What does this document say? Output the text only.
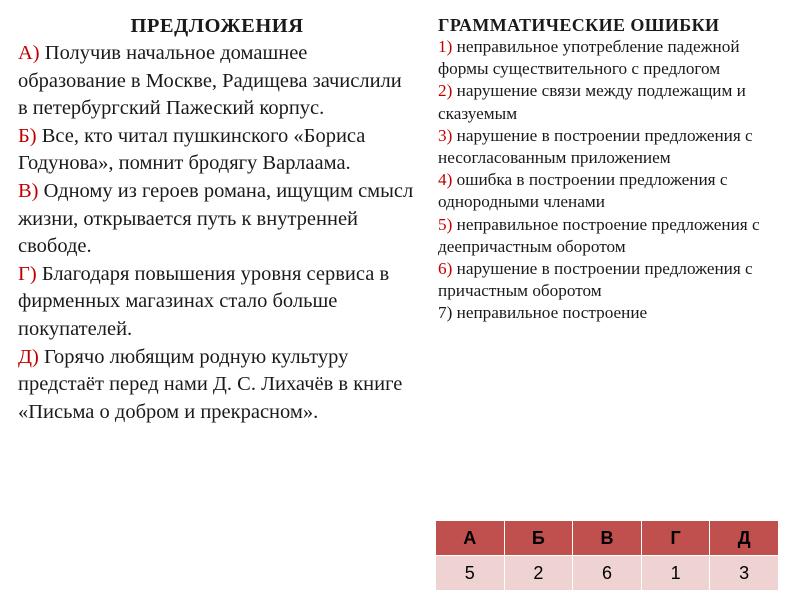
ПРЕДЛОЖЕНИЯ
А) Получив начальное домашнее образование в Москве, Радищева зачислили в петербургский Пажеский корпус.
Б) Все, кто читал пушкинского «Бориса Годунова», помнит бродягу Варлаама.
В) Одному из героев романа, ищущим смысл жизни, открывается путь к внутренней свободе.
Г) Благодаря повышения уровня сервиса в фирменных магазинах стало больше покупателей.
Д) Горячо любящим родную культуру предстаёт перед нами Д. С. Лихачёв в книге «Письма о добром и прекрасном».
ГРАММАТИЧЕСКИЕ ОШИБКИ
1) неправильное употребление падежной формы существительного с предлогом
2) нарушение связи между подлежащим и сказуемым
3) нарушение в построении предложения с несогласованным приложением
4) ошибка в построении предложения с однородными членами
5) неправильное построение предложения с деепричастным оборотом
6) нарушение в построении предложения с причастным оборотом
7) неправильное построение
А	Б	В	Г	Д
5	2	6	1	3
